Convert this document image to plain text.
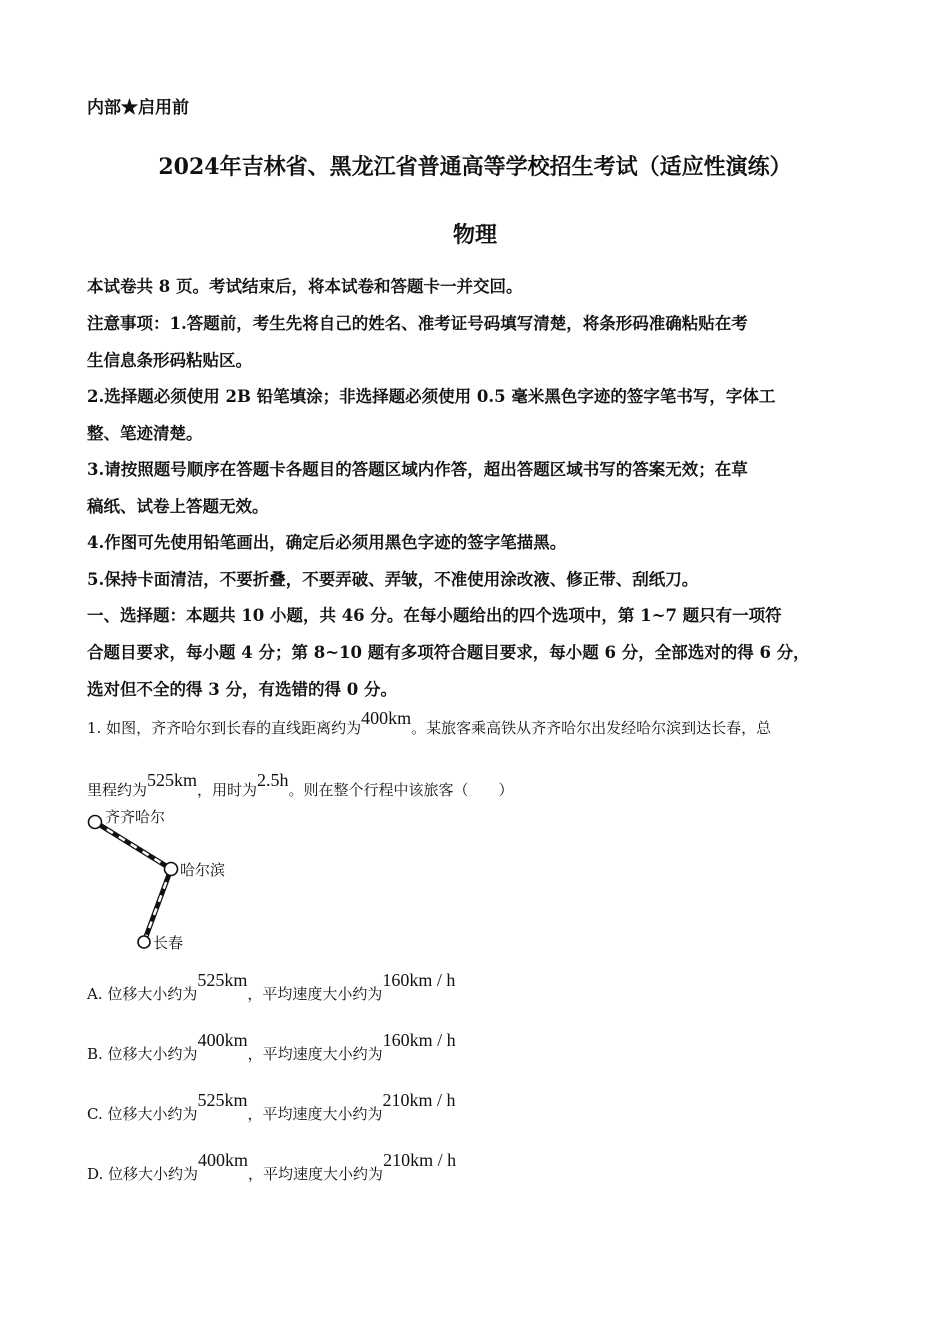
内部★启用前
2024年吉林省、黑龙江省普通高等学校招生考试（适应性演练）
物理
本试卷共 8 页。考试结束后，将本试卷和答题卡一并交回。
注意事项：1.答题前，考生先将自己的姓名、准考证号码填写清楚，将条形码准确粘贴在考
生信息条形码粘贴区。
2.选择题必须使用 2B 铅笔填涂；非选择题必须使用 0.5 毫米黑色字迹的签字笔书写，字体工
整、笔迹清楚。
3.请按照题号顺序在答题卡各题目的答题区域内作答，超出答题区域书写的答案无效；在草
稿纸、试卷上答题无效。
4.作图可先使用铅笔画出，确定后必须用黑色字迹的签字笔描黑。
5.保持卡面清洁，不要折叠，不要弄破、弄皱，不准使用涂改液、修正带、刮纸刀。
一、选择题：本题共 10 小题，共 46 分。在每小题给出的四个选项中，第 1~7 题只有一项符
合题目要求，每小题 4 分；第 8~10 题有多项符合题目要求，每小题 6 分，全部选对的得 6 分，
选对但不全的得 3 分，有选错的得 0 分。
1. 如图，齐齐哈尔到长春的直线距离约为400km。某旅客乘高铁从齐齐哈尔出发经哈尔滨到达长春，总
里程约为525km，用时为2.5h。则在整个行程中该旅客（　　）
齐齐哈尔
哈尔滨
长春
A. 位移大小约为525km，平均速度大小约为160km / h
B. 位移大小约为400km，平均速度大小约为160km / h
C. 位移大小约为525km，平均速度大小约为210km / h
D. 位移大小约为400km，平均速度大小约为210km / h
